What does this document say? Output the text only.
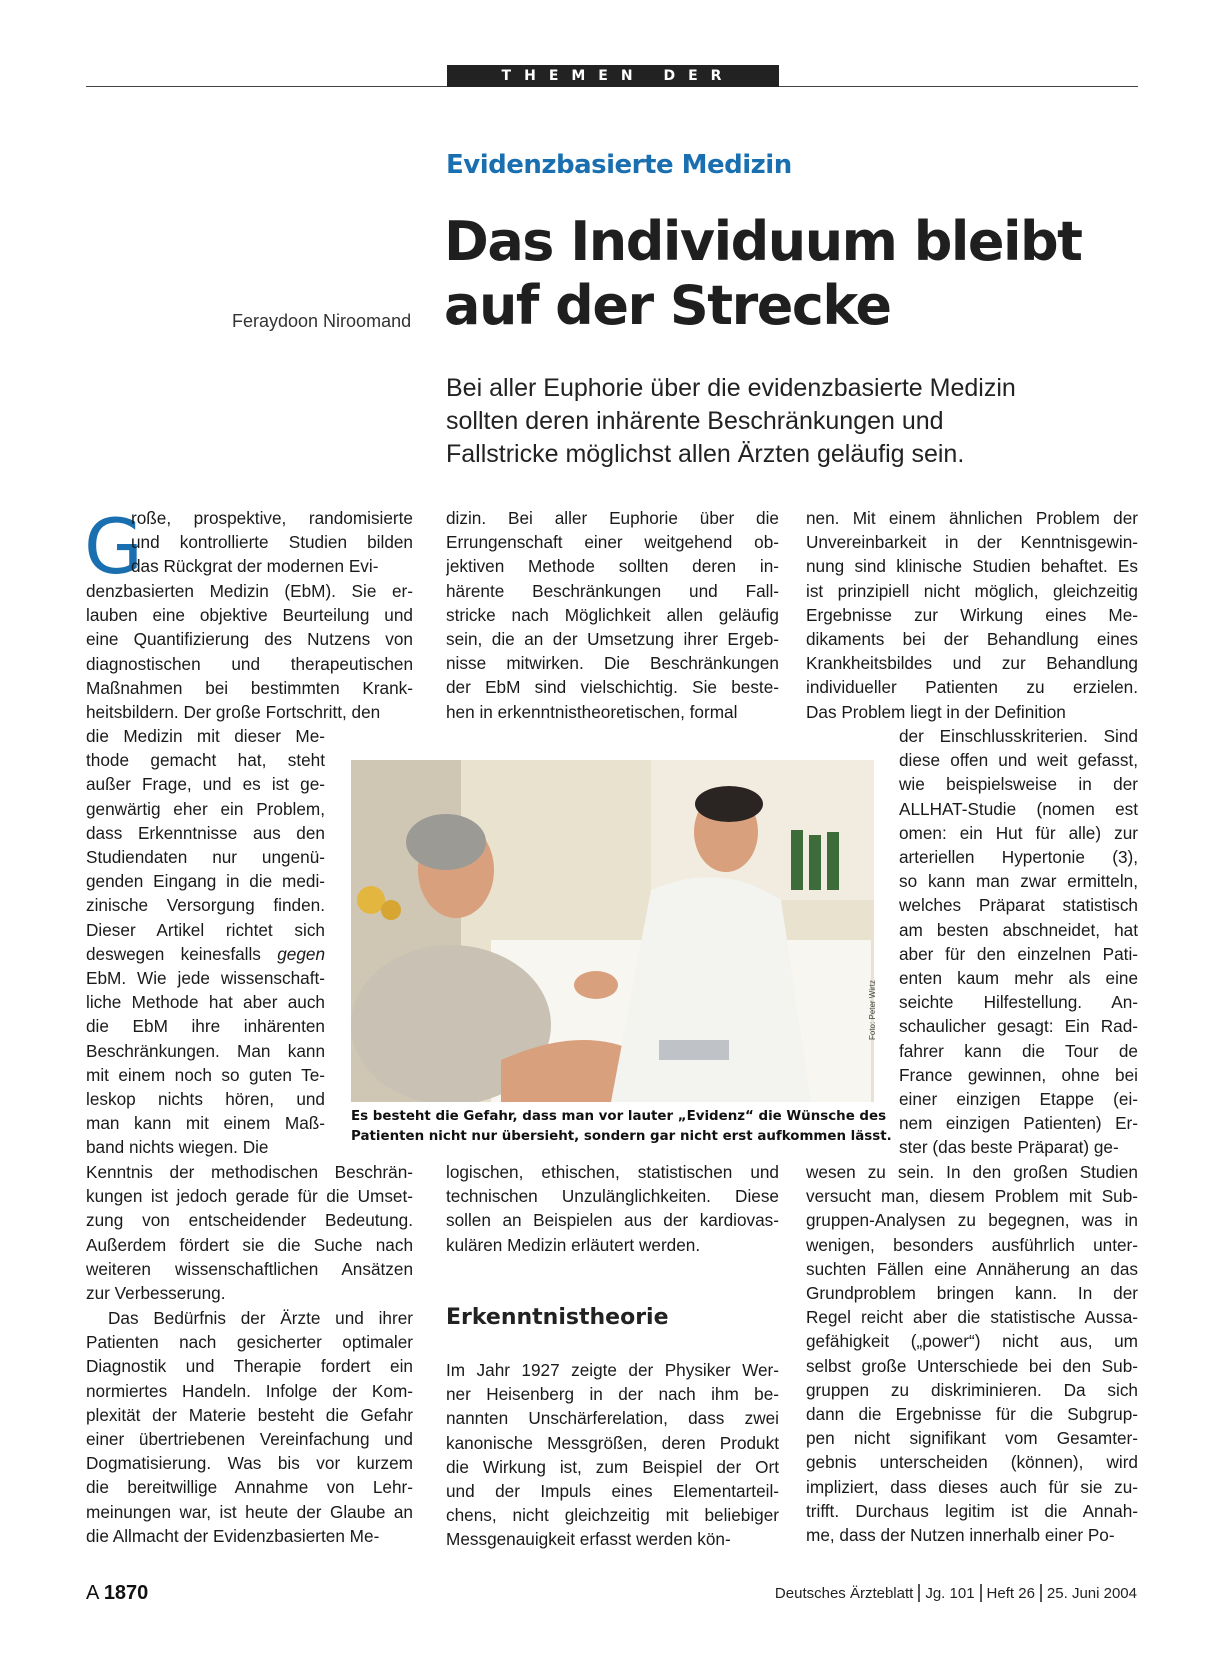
THEMEN DER ZEIT
Evidenzbasierte Medizin
Das Individuum bleibt
auf der Strecke
Feraydoon Niroomand
Bei aller Euphorie über die evidenzbasierte Medizin
sollten deren inhärente Beschränkungen und
Fallstricke möglichst allen Ärzten geläufig sein.
G
roße, prospektive, randomisierte
und kontrollierte Studien bilden
das Rückgrat der modernen Evi-
denzbasierten Medizin (EbM). Sie er-
lauben eine objektive Beurteilung und
eine Quantifizierung des Nutzens von
diagnostischen und therapeutischen
Maßnahmen bei bestimmten Krank-
heitsbildern. Der große Fortschritt, den
die Medizin mit dieser Me-
thode gemacht hat, steht
außer Frage, und es ist ge-
genwärtig eher ein Problem,
dass Erkenntnisse aus den
Studiendaten nur ungenü-
genden Eingang in die medi-
zinische Versorgung finden.
Dieser Artikel richtet sich
deswegen keinesfalls gegen
EbM. Wie jede wissenschaft-
liche Methode hat aber auch
die EbM ihre inhärenten
Beschränkungen. Man kann
mit einem noch so guten Te-
leskop nichts hören, und
man kann mit einem Maß-
band nichts wiegen. Die
Kenntnis der methodischen Beschrän-
kungen ist jedoch gerade für die Umset-
zung von entscheidender Bedeutung.
Außerdem fördert sie die Suche nach
weiteren wissenschaftlichen Ansätzen
zur Verbesserung.
Das Bedürfnis der Ärzte und ihrer
Patienten nach gesicherter optimaler
Diagnostik und Therapie fordert ein
normiertes Handeln. Infolge der Kom-
plexität der Materie besteht die Gefahr
einer übertriebenen Vereinfachung und
Dogmatisierung. Was bis vor kurzem
die bereitwillige Annahme von Lehr-
meinungen war, ist heute der Glaube an
die Allmacht der Evidenzbasierten Me-
dizin. Bei aller Euphorie über die
Errungenschaft einer weitgehend ob-
jektiven Methode sollten deren in-
härente Beschränkungen und Fall-
stricke nach Möglichkeit allen geläufig
sein, die an der Umsetzung ihrer Ergeb-
nisse mitwirken. Die Beschränkungen
der EbM sind vielschichtig. Sie beste-
hen in erkenntnistheoretischen, formal
logischen, ethischen, statistischen und
technischen Unzulänglichkeiten. Diese
sollen an Beispielen aus der kardiovas-
kulären Medizin erläutert werden.
Erkenntnistheorie
Im Jahr 1927 zeigte der Physiker Wer-
ner Heisenberg in der nach ihm be-
nannten Unschärferelation, dass zwei
kanonische Messgrößen, deren Produkt
die Wirkung ist, zum Beispiel der Ort
und der Impuls eines Elementarteil-
chens, nicht gleichzeitig mit beliebiger
Messgenauigkeit erfasst werden kön-
nen. Mit einem ähnlichen Problem der
Unvereinbarkeit in der Kenntnisgewin-
nung sind klinische Studien behaftet. Es
ist prinzipiell nicht möglich, gleichzeitig
Ergebnisse zur Wirkung eines Me-
dikaments bei der Behandlung eines
Krankheitsbildes und zur Behandlung
individueller Patienten zu erzielen.
Das Problem liegt in der Definition
der Einschlusskriterien. Sind
diese offen und weit gefasst,
wie beispielsweise in der
ALLHAT-Studie (nomen est
omen: ein Hut für alle) zur
arteriellen Hypertonie (3),
so kann man zwar ermitteln,
welches Präparat statistisch
am besten abschneidet, hat
aber für den einzelnen Pati-
enten kaum mehr als eine
seichte Hilfestellung. An-
schaulicher gesagt: Ein Rad-
fahrer kann die Tour de
France gewinnen, ohne bei
einer einzigen Etappe (ei-
nem einzigen Patienten) Er-
ster (das beste Präparat) ge-
wesen zu sein. In den großen Studien
versucht man, diesem Problem mit Sub-
gruppen-Analysen zu begegnen, was in
wenigen, besonders ausführlich unter-
suchten Fällen eine Annäherung an das
Grundproblem bringen kann. In der
Regel reicht aber die statistische Aussa-
gefähigkeit („power“) nicht aus, um
selbst große Unterschiede bei den Sub-
gruppen zu diskriminieren. Da sich
dann die Ergebnisse für die Subgrup-
pen nicht signifikant vom Gesamter-
gebnis unterscheiden (können), wird
impliziert, dass dieses auch für sie zu-
trifft. Durchaus legitim ist die Annah-
me, dass der Nutzen innerhalb einer Po-
Foto: Peter Wirtz
Es besteht die Gefahr, dass man vor lauter „Evidenz“ die Wünsche des
Patienten nicht nur übersieht, sondern gar nicht erst aufkommen lässt.
A 1870	Deutsches Ärzteblatt Jg. 101 Heft 26 25. Juni 2004
